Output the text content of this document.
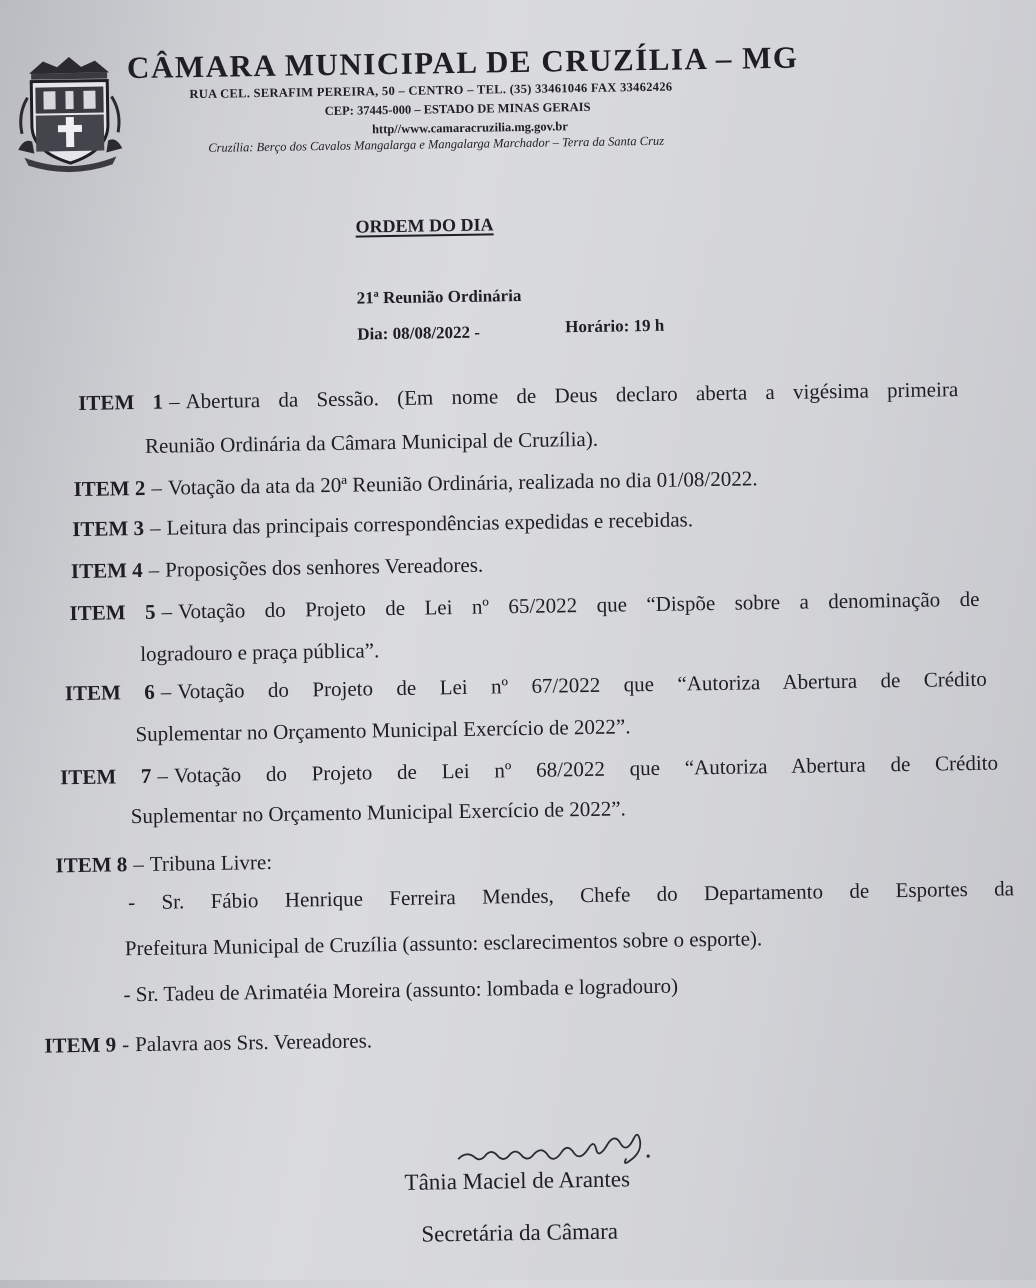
CÂMARA MUNICIPAL DE CRUZÍLIA – MG
RUA CEL. SERAFIM PEREIRA, 50 – CENTRO – TEL. (35) 33461046 FAX 33462426
CEP: 37445-000 – ESTADO DE MINAS GERAIS
http//www.camaracruzilia.mg.gov.br
Cruzília: Berço dos Cavalos Mangalarga e Mangalarga Marchador – Terra da Santa Cruz
ORDEM DO DIA
21ª Reunião Ordinária
Dia: 08/08/2022 -	Horário: 19 h
ITEM 1 – Abertura da Sessão. (Em nome de Deus declaro aberta a vigésima primeira
Reunião Ordinária da Câmara Municipal de Cruzília).
ITEM 2 – Votação da ata da 20ª Reunião Ordinária, realizada no dia 01/08/2022.
ITEM 3 – Leitura das principais correspondências expedidas e recebidas.
ITEM 4 – Proposições dos senhores Vereadores.
ITEM 5 – Votação do Projeto de Lei nº 65/2022 que “Dispõe sobre a denominação de
logradouro e praça pública”.
ITEM 6 – Votação do Projeto de Lei nº 67/2022 que “Autoriza Abertura de Crédito
Suplementar no Orçamento Municipal Exercício de 2022”.
ITEM 7 – Votação do Projeto de Lei nº 68/2022 que “Autoriza Abertura de Crédito
Suplementar no Orçamento Municipal Exercício de 2022”.
ITEM 8 – Tribuna Livre:
- Sr. Fábio Henrique Ferreira Mendes, Chefe do Departamento de Esportes da
Prefeitura Municipal de Cruzília (assunto: esclarecimentos sobre o esporte).
- Sr. Tadeu de Arimatéia Moreira (assunto: lombada e logradouro)
ITEM 9 - Palavra aos Srs. Vereadores.
Tânia Maciel de Arantes
Secretária da Câmara
